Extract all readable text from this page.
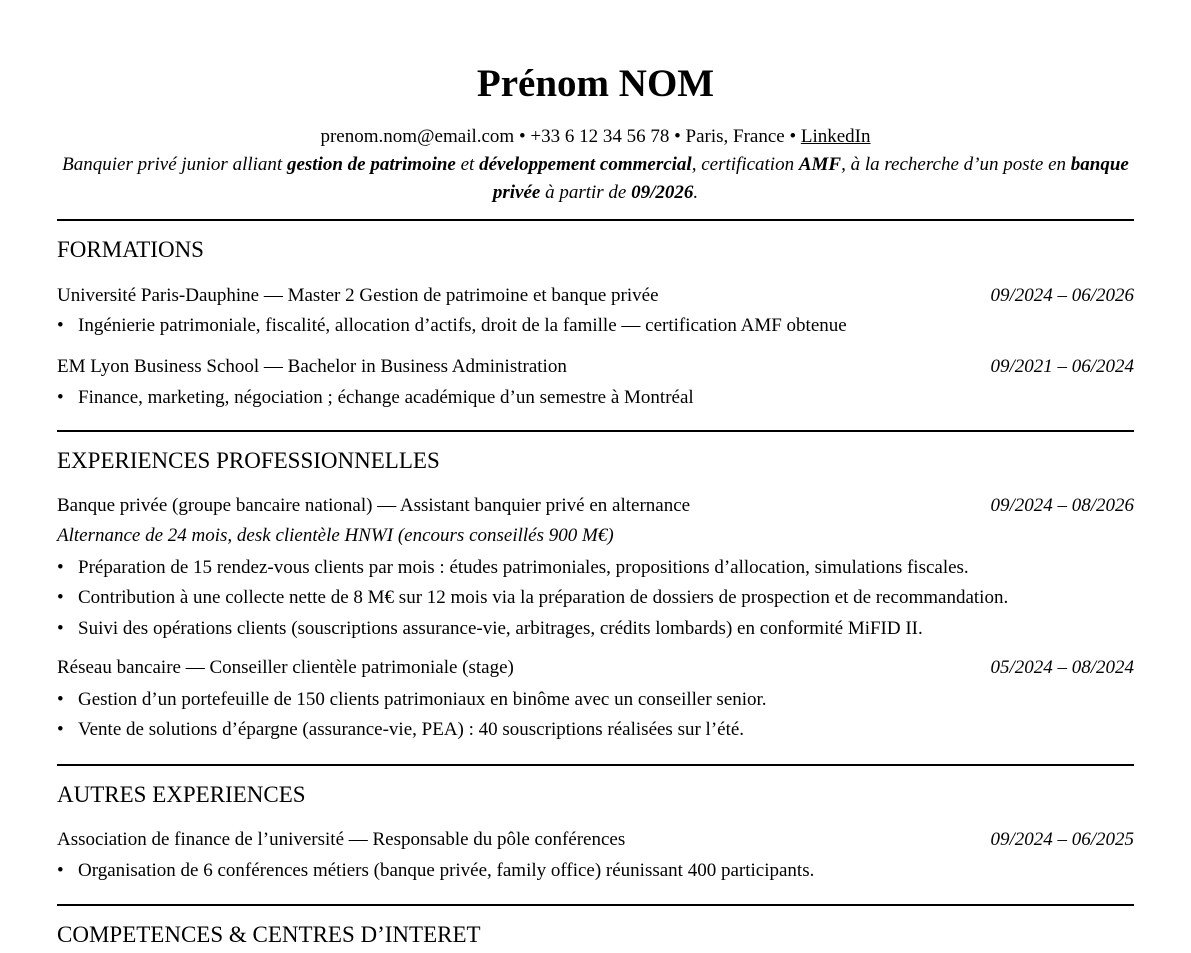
Prénom NOM
prenom.nom@email.com • +33 6 12 34 56 78 • Paris, France • LinkedIn
Banquier privé junior alliant gestion de patrimoine et développement commercial, certification AMF, à la recherche d’un poste en banque privée à partir de 09/2026.
FORMATIONS
Université Paris-Dauphine — Master 2 Gestion de patrimoine et banque privée	09/2024 – 06/2026
• Ingénierie patrimoniale, fiscalité, allocation d’actifs, droit de la famille — certification AMF obtenue
EM Lyon Business School — Bachelor in Business Administration	09/2021 – 06/2024
• Finance, marketing, négociation ; échange académique d’un semestre à Montréal
EXPERIENCES PROFESSIONNELLES
Banque privée (groupe bancaire national) — Assistant banquier privé en alternance	09/2024 – 08/2026
Alternance de 24 mois, desk clientèle HNWI (encours conseillés 900 M€)
• Préparation de 15 rendez-vous clients par mois : études patrimoniales, propositions d’allocation, simulations fiscales.
• Contribution à une collecte nette de 8 M€ sur 12 mois via la préparation de dossiers de prospection et de recommandation.
• Suivi des opérations clients (souscriptions assurance-vie, arbitrages, crédits lombards) en conformité MiFID II.
Réseau bancaire — Conseiller clientèle patrimoniale (stage)	05/2024 – 08/2024
• Gestion d’un portefeuille de 150 clients patrimoniaux en binôme avec un conseiller senior.
• Vente de solutions d’épargne (assurance-vie, PEA) : 40 souscriptions réalisées sur l’été.
AUTRES EXPERIENCES
Association de finance de l’université — Responsable du pôle conférences	09/2024 – 06/2025
• Organisation de 6 conférences métiers (banque privée, family office) réunissant 400 participants.
COMPETENCES & CENTRES D’INTERET
